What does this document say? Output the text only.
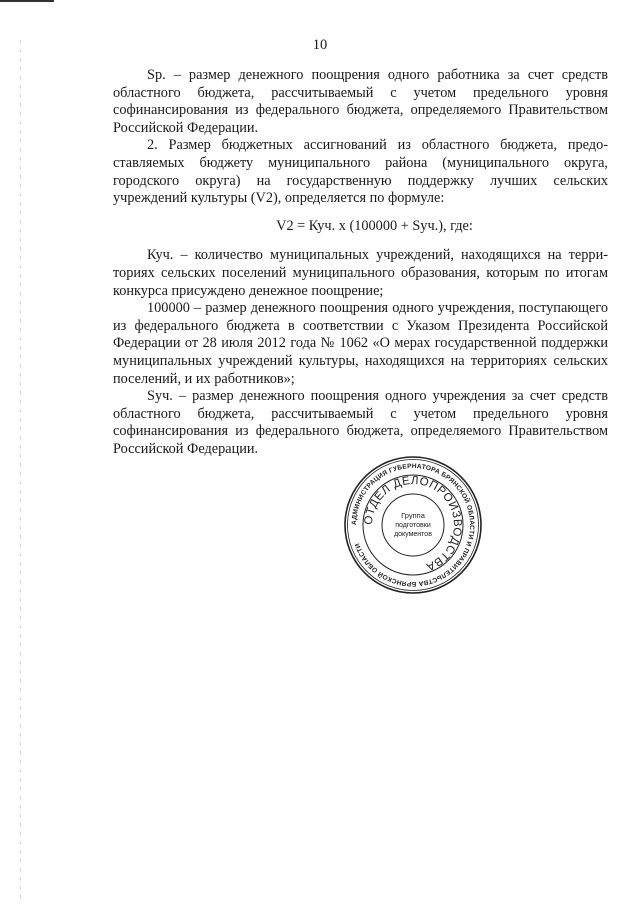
10

Sр. – размер денежного поощрения одного работника за счет средств областного бюджета, рассчитываемый с учетом предельного уровня софинансирования из федерального бюджета, определяемого Правительством Российской Федерации.

2. Размер бюджетных ассигнований из областного бюджета, предоставляемых бюджету муниципального района (муниципального округа, городского округа) на государственную поддержку лучших сельских учреждений культуры (V2), определяется по формуле:

V2 = Куч. х (100000 + Sуч.), где:

Куч. – количество муниципальных учреждений, находящихся на территориях сельских поселений муниципального образования, которым по итогам конкурса присуждено денежное поощрение;

100000 – размер денежного поощрения одного учреждения, поступающего из федерального бюджета в соответствии с Указом Президента Российской Федерации от 28 июля 2012 года № 1062 «О мерах государственной поддержки муниципальных учреждений культуры, находящихся на территориях сельских поселений, и их работников»;

Sуч. – размер денежного поощрения одного учреждения за счет средств областного бюджета, рассчитываемый с учетом предельного уровня софинансирования из федерального бюджета, определяемого Правительством Российской Федерации.

АДМИНИСТРАЦИЯ ГУБЕРНАТОРА БРЯНСКОЙ ОБЛАСТИ И ПРАВИТЕЛЬСТВА БРЯНСКОЙ ОБЛАСТИ
ОТДЕЛ ДЕЛОПРОИЗВОДСТВА
Группа
подготовки
документов
